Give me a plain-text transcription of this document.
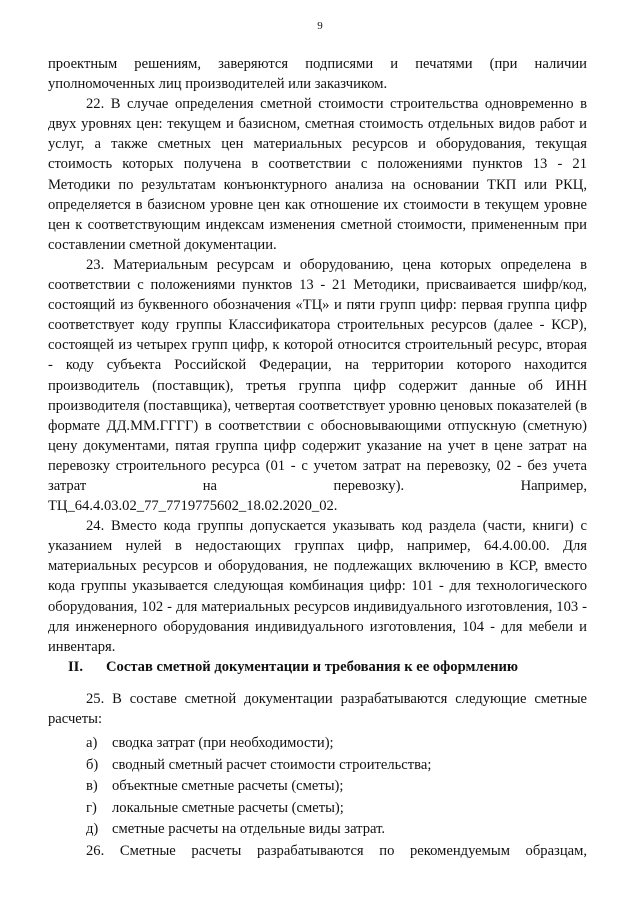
9

проектным решениям, заверяются подписями и печатями (при наличии уполномоченных лиц производителей или заказчиком.

22. В случае определения сметной стоимости строительства одновременно в двух уровнях цен: текущем и базисном, сметная стоимость отдельных видов работ и услуг, а также сметных цен материальных ресурсов и оборудования, текущая стоимость которых получена в соответствии с положениями пунктов 13 - 21 Методики по результатам конъюнктурного анализа на основании ТКП или РКЦ, определяется в базисном уровне цен как отношение их стоимости в текущем уровне цен к соответствующим индексам изменения сметной стоимости, примененным при составлении сметной документации.

23. Материальным ресурсам и оборудованию, цена которых определена в соответствии с положениями пунктов 13 - 21 Методики, присваивается шифр/код, состоящий из буквенного обозначения «ТЦ» и пяти групп цифр: первая группа цифр соответствует коду группы Классификатора строительных ресурсов (далее - КСР), состоящей из четырех групп цифр, к которой относится строительный ресурс, вторая - коду субъекта Российской Федерации, на территории которого находится производитель (поставщик), третья группа цифр содержит данные об ИНН производителя (поставщика), четвертая соответствует уровню ценовых показателей (в формате ДД.ММ.ГГГГ) в соответствии с обосновывающими отпускную (сметную) цену документами, пятая группа цифр содержит указание на учет в цене затрат на перевозку строительного ресурса (01 - с учетом затрат на перевозку, 02 - без учета затрат на перевозку). Например,

ТЦ_64.4.03.02_77_7719775602_18.02.2020_02.

24. Вместо кода группы допускается указывать код раздела (части, книги) с указанием нулей в недостающих группах цифр, например, 64.4.00.00. Для материальных ресурсов и оборудования, не подлежащих включению в КСР, вместо кода группы указывается следующая комбинация цифр: 101 - для технологического оборудования, 102 - для материальных ресурсов индивидуального изготовления, 103 - для инженерного оборудования индивидуального изготовления, 104 - для мебели и инвентаря.

II. Состав сметной документации и требования к ее оформлению

25. В составе сметной документации разрабатываются следующие сметные расчеты:

а) сводка затрат (при необходимости);
б) сводный сметный расчет стоимости строительства;
в) объектные сметные расчеты (сметы);
г) локальные сметные расчеты (сметы);
д) сметные расчеты на отдельные виды затрат.

26. Сметные расчеты разрабатываются по рекомендуемым образцам,
